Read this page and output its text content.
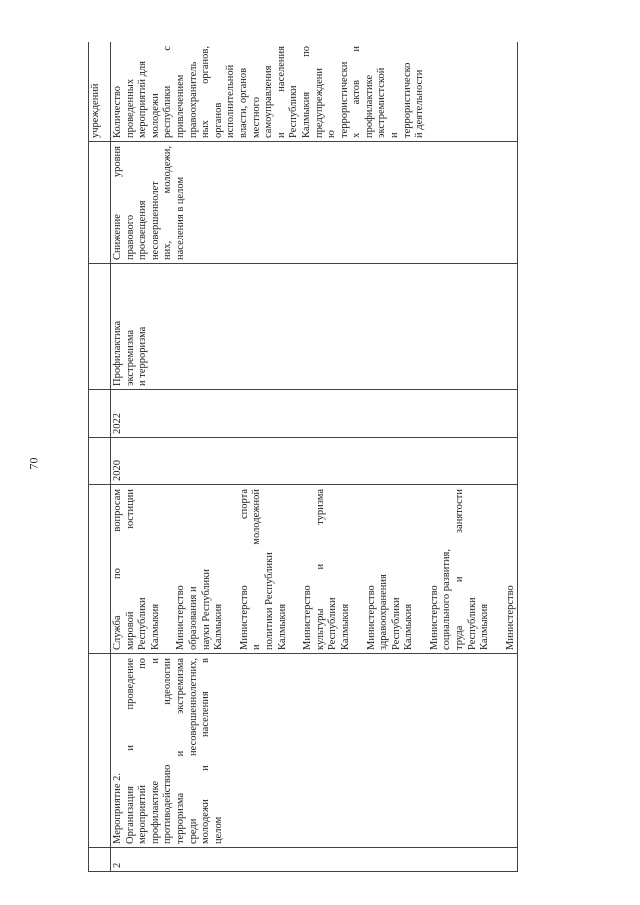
70
учреждений
2
Мероприятие 2. Организация и проведение мероприятий по профилактике и противодействию идеологии терроризма и экстремизма среди несовершеннолетних, молодежи и населения в целом
Служба по вопросам мировой юстиции Республики Калмыкия Министерство образования и науки Республики Калмыкия Министерство спорта и молодежной политики Республики Калмыкия Министерство культуры и туризма Республики Калмыкия Министерство здравоохранения Республики Калмыкия Министерство социального развития, труда и занятости Республики Калмыкия Министерство
2020
2022
Профилактика экстремизма и терроризма
Снижение уровня правового просвещения несовершеннолет них, молодежи, населения в целом
Количество проведенных мероприятий для молодежи республики с привлечением правоохранитель ных органов, органов исполнительной власти, органов местного самоуправления и населения Республики Калмыкия по предупреждени ю террористически х актов и профилактике экстремистской и террористическо й деятельности
